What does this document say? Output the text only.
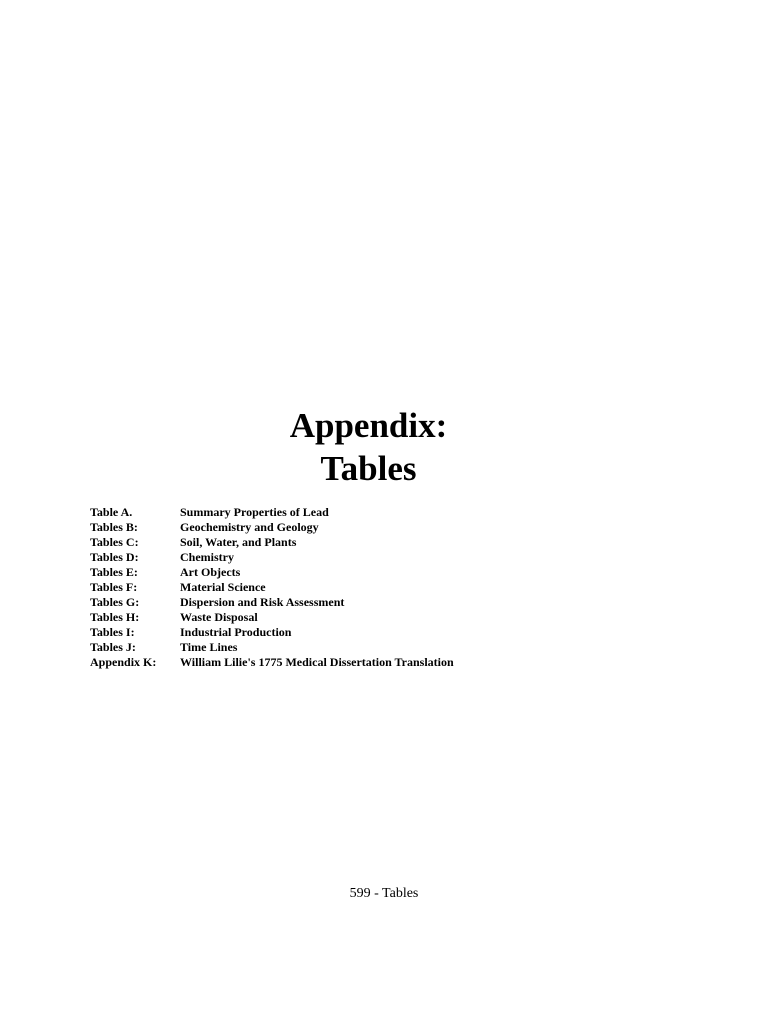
Appendix:
Tables
Table A.	Summary Properties of Lead
Tables B:	Geochemistry and Geology
Tables C:	Soil, Water, and Plants
Tables D:	Chemistry
Tables E:	Art Objects
Tables F:	Material Science
Tables G:	Dispersion and Risk Assessment
Tables H:	Waste Disposal
Tables I:	Industrial Production
Tables J:	Time Lines
Appendix K:	William Lilie's 1775 Medical Dissertation Translation
599 - Tables
